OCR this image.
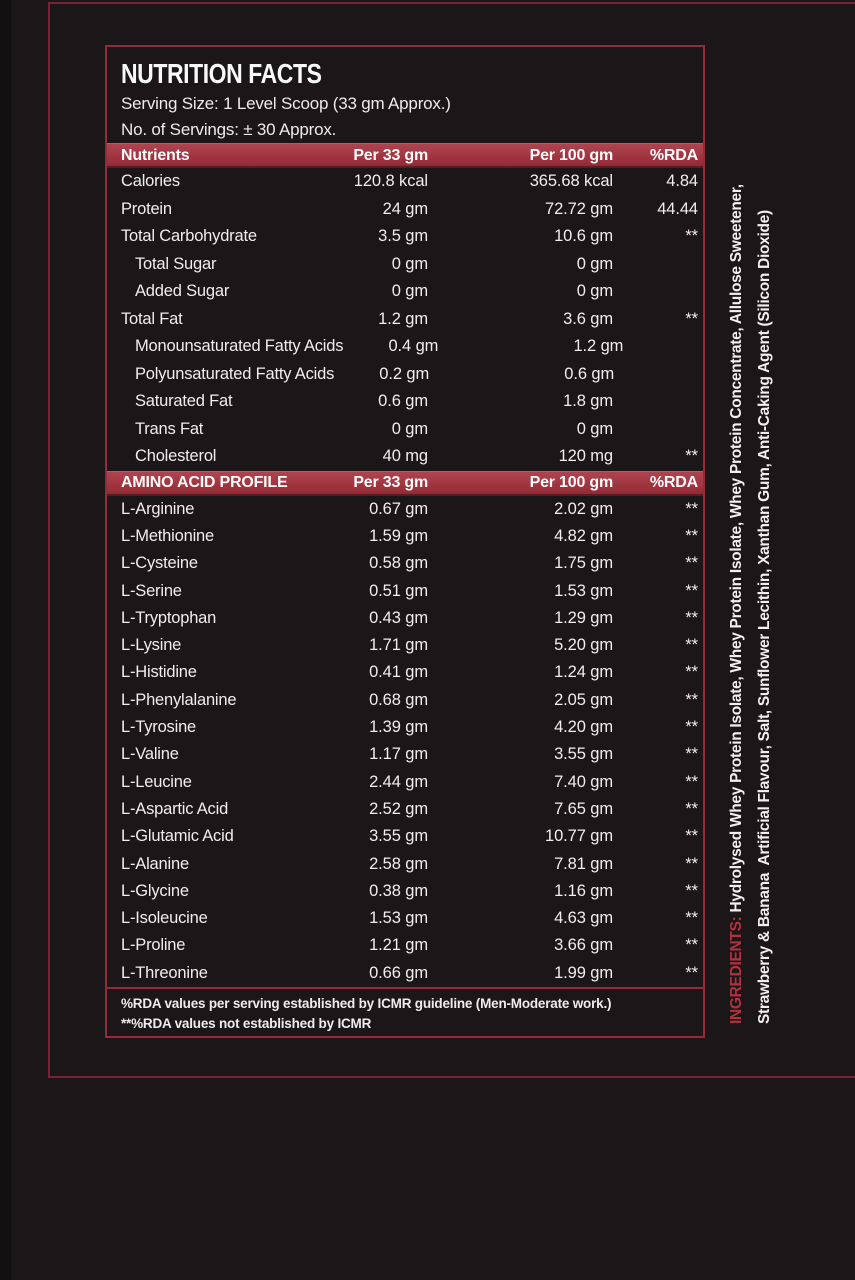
NUTRITION FACTS
Serving Size: 1 Level Scoop (33 gm Approx.)
No. of Servings: ± 30 Approx.
Nutrients	Per 33 gm	Per 100 gm	%RDA
Calories	120.8 kcal	365.68 kcal	4.84
Protein	24 gm	72.72 gm	44.44
Total Carbohydrate	3.5 gm	10.6 gm	**
Total Sugar	0 gm	0 gm
Added Sugar	0 gm	0 gm
Total Fat	1.2 gm	3.6 gm	**
Monounsaturated Fatty Acids	0.4 gm	1.2 gm
Polyunsaturated Fatty Acids	0.2 gm	0.6 gm
Saturated Fat	0.6 gm	1.8 gm
Trans Fat	0 gm	0 gm
Cholesterol	40 mg	120 mg	**
AMINO ACID PROFILE	Per 33 gm	Per 100 gm	%RDA
L-Arginine	0.67 gm	2.02 gm	**
L-Methionine	1.59 gm	4.82 gm	**
L-Cysteine	0.58 gm	1.75 gm	**
L-Serine	0.51 gm	1.53 gm	**
L-Tryptophan	0.43 gm	1.29 gm	**
L-Lysine	1.71 gm	5.20 gm	**
L-Histidine	0.41 gm	1.24 gm	**
L-Phenylalanine	0.68 gm	2.05 gm	**
L-Tyrosine	1.39 gm	4.20 gm	**
L-Valine	1.17 gm	3.55 gm	**
L-Leucine	2.44 gm	7.40 gm	**
L-Aspartic Acid	2.52 gm	7.65 gm	**
L-Glutamic Acid	3.55 gm	10.77 gm	**
L-Alanine	2.58 gm	7.81 gm	**
L-Glycine	0.38 gm	1.16 gm	**
L-Isoleucine	1.53 gm	4.63 gm	**
L-Proline	1.21 gm	3.66 gm	**
L-Threonine	0.66 gm	1.99 gm	**
%RDA values per serving established by ICMR guideline (Men-Moderate work.)
**%RDA values not established by ICMR	INGREDIENTS: Hydrolysed Whey Protein Isolate, Whey Protein Isolate, Whey Protein Concentrate, Allulose Sweetener, Strawberry & Banana  Artificial Flavour, Salt, Sunflower Lecithin, Xanthan Gum, Anti-Caking Agent (Silicon Dioxide)
